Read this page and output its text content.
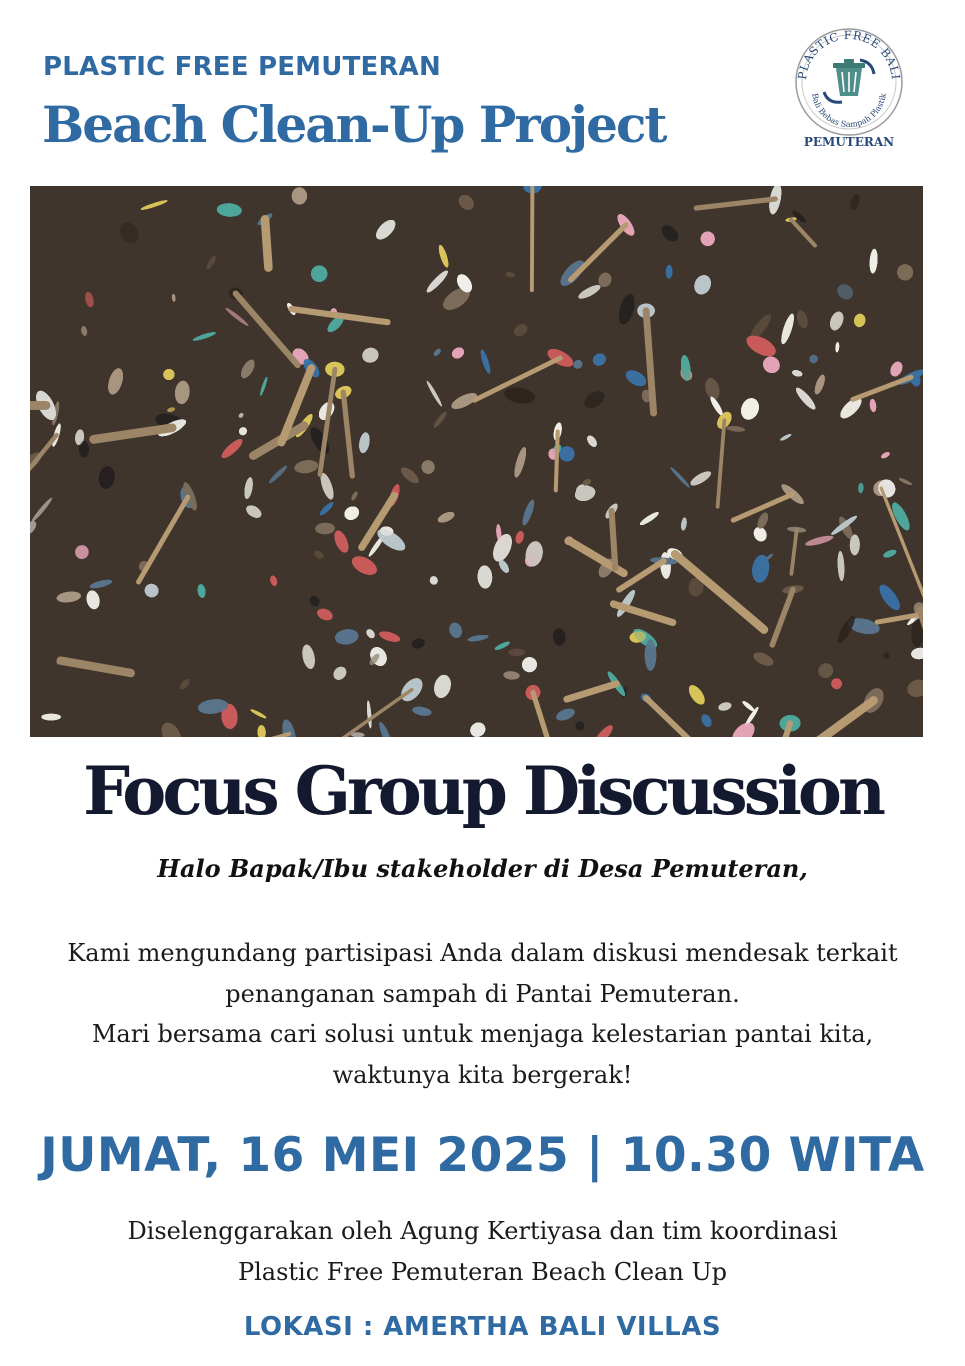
PLASTIC FREE PEMUTERAN
Beach Clean-Up Project
PLASTIC FREE BALI
Bali Bebas Sampah Plastik
PEMUTERAN
Focus Group Discussion

Halo Bapak/Ibu stakeholder di Desa Pemuteran,

Kami mengundang partisipasi Anda dalam diskusi mendesak terkait
penanganan sampah di Pantai Pemuteran.
Mari bersama cari solusi untuk menjaga kelestarian pantai kita,
waktunya kita bergerak!
JUMAT, 16 MEI 2025 | 10.30 WITA
Diselenggarakan oleh Agung Kertiyasa dan tim koordinasi
Plastic Free Pemuteran Beach Clean Up
LOKASI : AMERTHA BALI VILLAS
